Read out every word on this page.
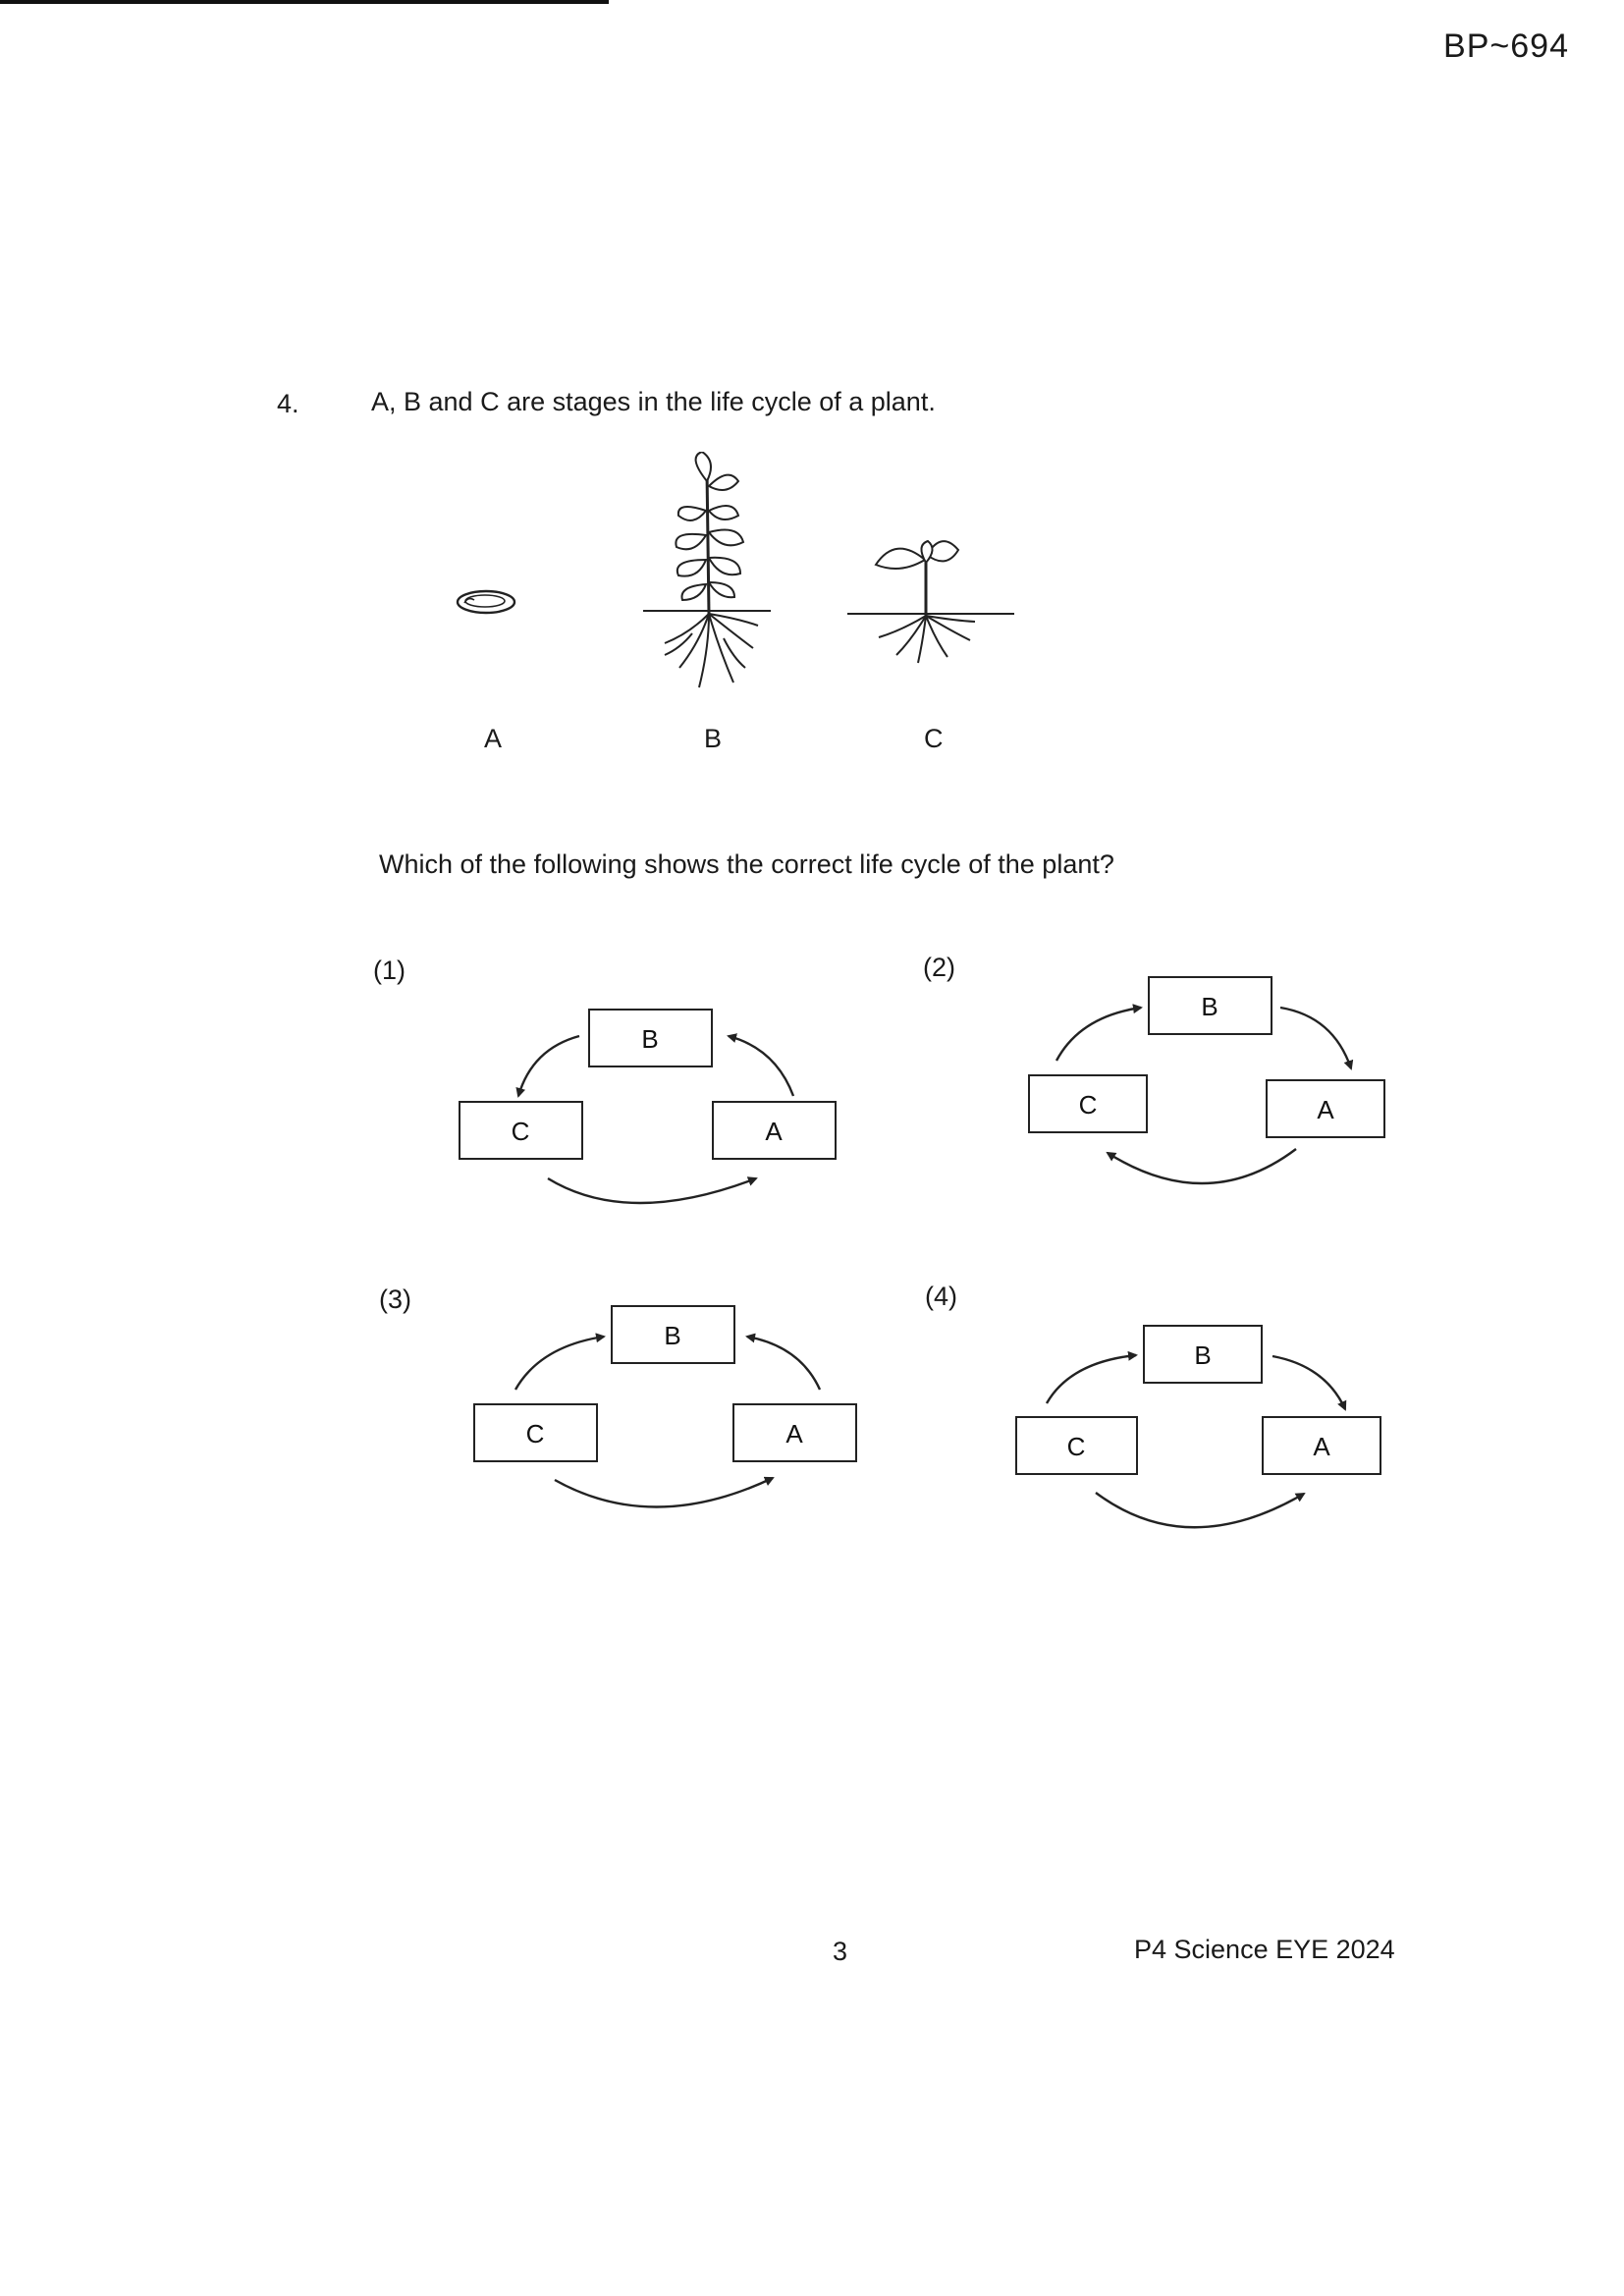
BP~694
4.	A, B and C are stages in the life cycle of a plant.
A	B	C
Which of the following shows the correct life cycle of the plant?
(1)
B
C	A
(2)
B
C	A
(3)
B
C	A
(4)
B
C	A
3	P4 Science EYE 2024
